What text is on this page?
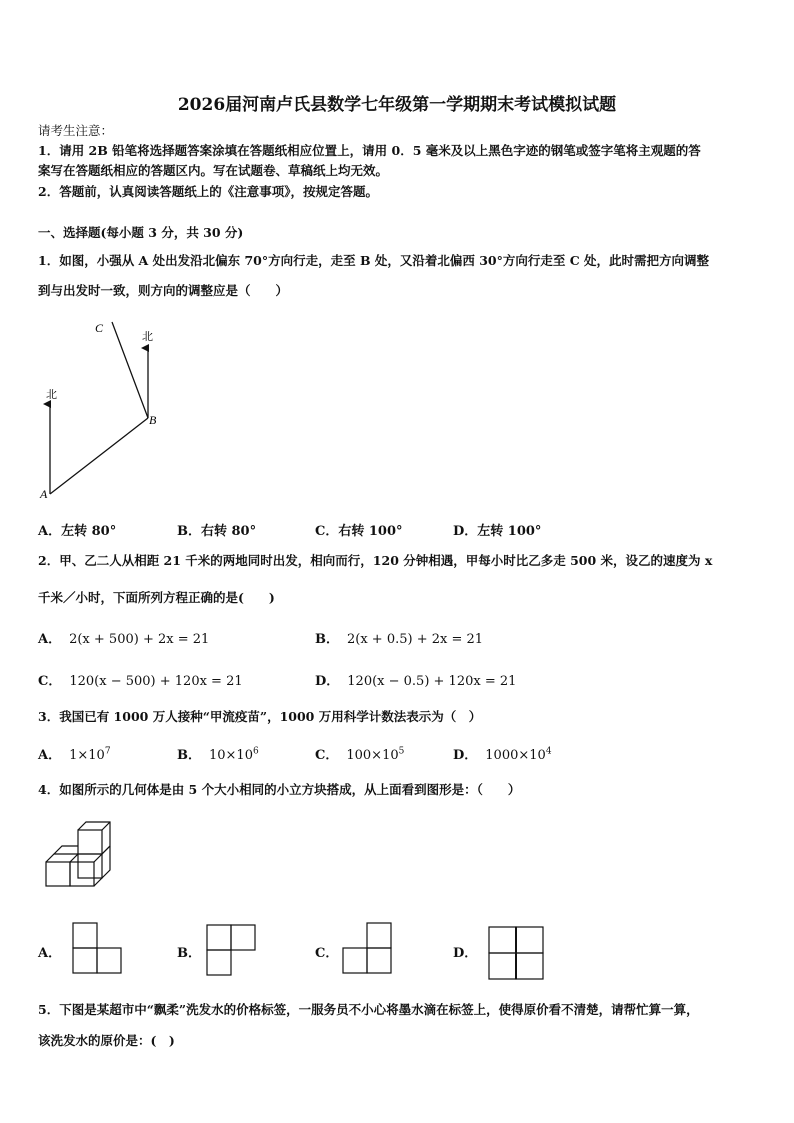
2026届河南卢氏县数学七年级第一学期期末考试模拟试题
请考生注意：
1．请用 2B 铅笔将选择题答案涂填在答题纸相应位置上，请用 0．5 毫米及以上黑色字迹的钢笔或签字笔将主观题的答
案写在答题纸相应的答题区内。写在试题卷、草稿纸上均无效。
2．答题前，认真阅读答题纸上的《注意事项》，按规定答题。
一、选择题(每小题 3 分，共 30 分)
1．如图，小强从 A 处出发沿北偏东 70°方向行走，走至 B 处，又沿着北偏西 30°方向行走至 C 处，此时需把方向调整
到与出发时一致，则方向的调整应是（　　）
北
北
A
B
C
A．左转 80°	B．右转 80°	C．右转 100°	D．左转 100°
2．甲、乙二人从相距 21 千米的两地同时出发，相向而行，120 分钟相遇，甲每小时比乙多走 500 米，设乙的速度为 x
千米／小时，下面所列方程正确的是(　　)
A． 2(x + 500) + 2x = 21	B． 2(x + 0.5) + 2x = 21
C． 120(x − 500) + 120x = 21	D． 120(x − 0.5) + 120x = 21
3．我国已有 1000 万人接种“甲流疫苗”，1000 万用科学计数法表示为（　）
A． $1\times 10^7$	B． $10\times 10^6$	C． $100\times 10^5$	D． $1000\times 10^4$
4．如图所示的几何体是由 5 个大小相同的小立方块搭成，从上面看到图形是：（　　）
A．	B．	C．	D．
5．下图是某超市中“飘柔”洗发水的价格标签，一服务员不小心将墨水滴在标签上，使得原价看不清楚，请帮忙算一算，
该洗发水的原价是：(　)
